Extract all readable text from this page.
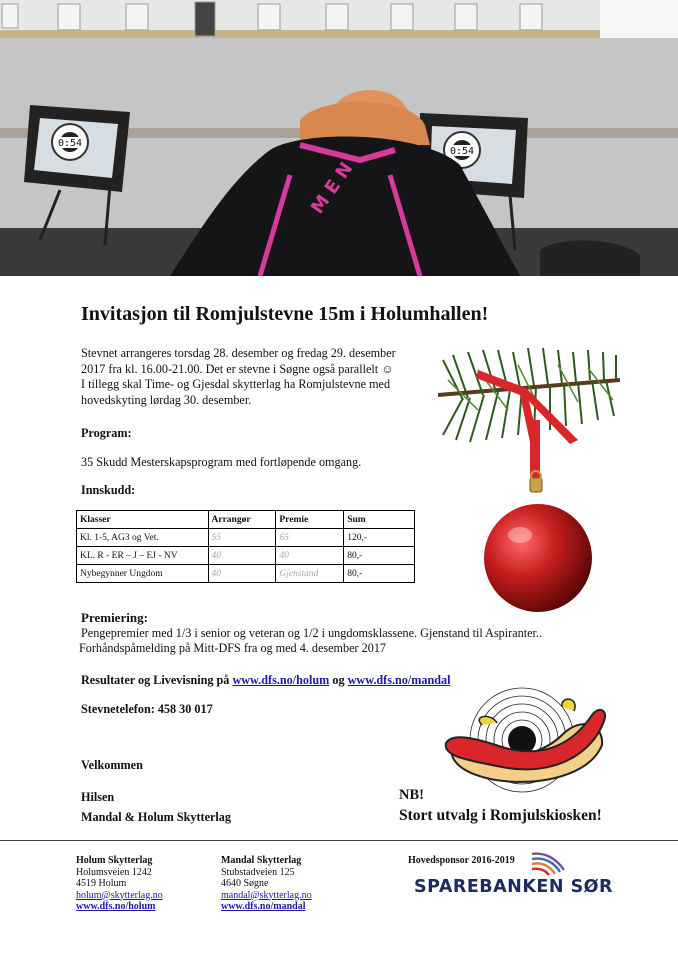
0:54
0:54
M E N
Invitasjon til Romjulstevne 15m i Holumhallen!
Stevnet arrangeres torsdag 28. desember og fredag 29. desember
2017 fra kl. 16.00-21.00. Det er stevne i Søgne også parallelt ☺
I tillegg skal Time- og Gjesdal skytterlag ha Romjulstevne med
hovedskyting lørdag 30. desember.
Program:
35 Skudd Mesterskapsprogram med fortløpende omgang.
Innskudd:
Klasser	Arrangør	Premie	Sum
Kl. 1-5, AG3 og Vet.	55	65	120,-
KL. R - ER – J – EJ - NV	40	40	80,-
Nybegynner Ungdom	40	Gjenstand	80,-
Premiering:
Pengepremier med 1/3 i senior og veteran og 1/2 i ungdomsklassene. Gjenstand til Aspiranter..
Forhåndspåmelding på Mitt-DFS fra og med 4. desember 2017
Resultater og Livevisning på www.dfs.no/holum og www.dfs.no/mandal
Stevnetelefon: 458 30 017
Velkommen
Hilsen
Mandal & Holum Skytterlag
NB!
Stort utvalg i Romjulskiosken!
Holum Skytterlag
Holumsveien 1242
4519 Holum
holum@skytterlag.no
www.dfs.no/holum
Mandal Skytterlag
Stubstadveien 125
4640 Søgne
mandal@skytterlag.no
www.dfs.no/mandal
Hovedsponsor 2016-2019
SPAREBANKEN SØR
